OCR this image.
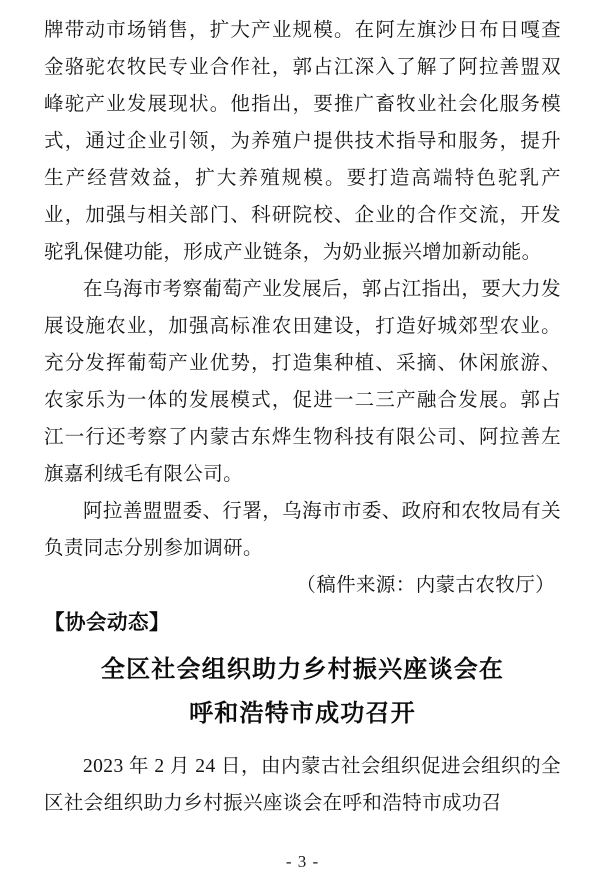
牌带动市场销售，扩大产业规模。在阿左旗沙日布日嘎查金骆驼农牧民专业合作社，郭占江深入了解了阿拉善盟双峰驼产业发展现状。他指出，要推广畜牧业社会化服务模式，通过企业引领，为养殖户提供技术指导和服务，提升生产经营效益，扩大养殖规模。要打造高端特色驼乳产业，加强与相关部门、科研院校、企业的合作交流，开发驼乳保健功能，形成产业链条，为奶业振兴增加新动能。

在乌海市考察葡萄产业发展后，郭占江指出，要大力发展设施农业，加强高标准农田建设，打造好城郊型农业。充分发挥葡萄产业优势，打造集种植、采摘、休闲旅游、农家乐为一体的发展模式，促进一二三产融合发展。郭占江一行还考察了内蒙古东烨生物科技有限公司、阿拉善左旗嘉利绒毛有限公司。

阿拉善盟盟委、行署，乌海市市委、政府和农牧局有关负责同志分别参加调研。

（稿件来源：内蒙古农牧厅）

【协会动态】

全区社会组织助力乡村振兴座谈会在

呼和浩特市成功召开

2023 年 2 月 24 日，由内蒙古社会组织促进会组织的全区社会组织助力乡村振兴座谈会在呼和浩特市成功召

- 3 -
